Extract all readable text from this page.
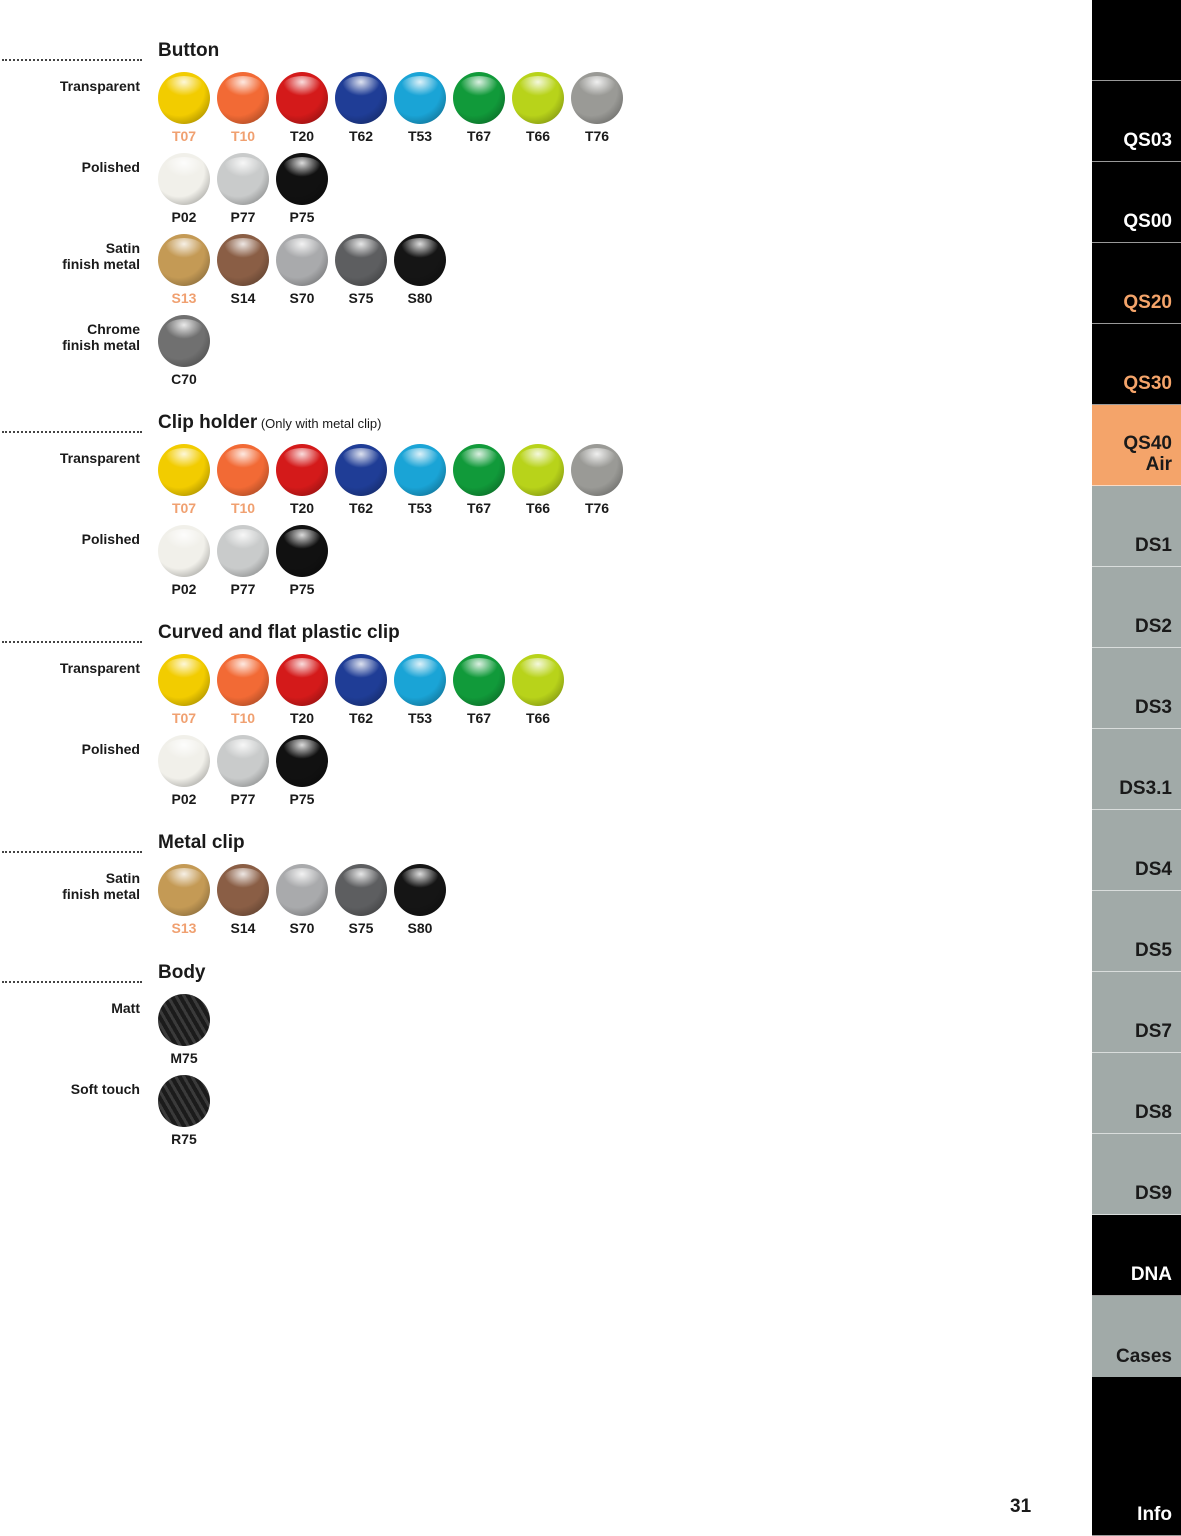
Button
Transparent
T07	T10	T20	T62	T53	T67	T66	T76
Polished
P02	P77	P75
Satin
finish metal
S13	S14	S70	S75	S80
Chrome
finish metal
C70
Clip holder (Only with metal clip)
Transparent
T07	T10	T20	T62	T53	T67	T66	T76
Polished
P02	P77	P75
Curved and flat plastic clip
Transparent
T07	T10	T20	T62	T53	T67	T66
Polished
P02	P77	P75
Metal clip
Satin
finish metal
S13	S14	S70	S75	S80
Body
Matt
M75
Soft touch
R75
QS03
QS00
QS20
QS30
QS40
Air
DS1
DS2
DS3
DS3.1
DS4
DS5
DS7
DS8
DS9
DNA
Cases
Info
31
